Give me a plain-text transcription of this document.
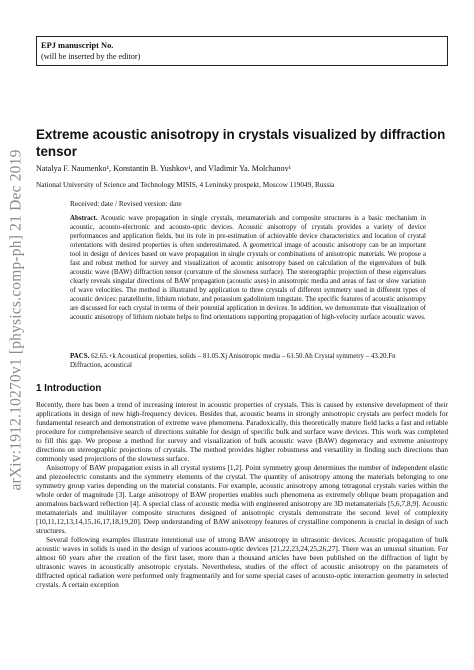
arXiv:1912.10270v1 [physics.comp-ph] 21 Dec 2019
EPJ manuscript No.
(will be inserted by the editor)
Extreme acoustic anisotropy in crystals visualized by diffraction tensor
Natalya F. Naumenko¹, Konstantin B. Yushkov¹, and Vladimir Ya. Molchanov¹
National University of Science and Technology MISIS, 4 Leninsky prospekt, Moscow 119049, Russia
Received: date / Revised version: date

Abstract. Acoustic wave propagation in single crystals, metamaterials and composite structures is a basic mechanism in acoustic, acousto-electronic and acousto-optic devices. Acoustic anisotropy of crystals provides a variety of device performances and application fields, but its role in pre-estimation of achievable device characteristics and location of crystal orientations with desired properties is often underestimated. A geometrical image of acoustic anisotropy can be an important tool in design of devices based on wave propagation in single crystals or combinations of anisotropic materials. We propose a fast and robust method for survey and visualization of acoustic anisotropy based on calculation of the eigenvalues of bulk acoustic wave (BAW) diffraction tensor (curvature of the slowness surface). The stereographic projection of these eigenvalues clearly reveals singular directions of BAW propagation (acoustic axes) in anisotropic media and areas of fast or slow variation of wave velocities. The method is illustrated by application to three crystals of different symmetry used in different types of acoustic devices: paratellurite, lithium niobate, and potassium gadolinium tungstate. The specific features of acoustic anisotropy are discussed for each crystal in terms of their potential application in devices. In addition, we demonstrate that visualization of acoustic anisotropy of lithium niobate helps to find orientations supporting propagation of high-velocity surface acoustic waves.

PACS. 62.65.+k Acoustical properties, solids – 81.05.Xj Anisotropic media – 61.50.Ah Crystal symmetry – 43.20.Fn Diffraction, acoustical

1 Introduction

Recently, there has been a trend of increasing interest in acoustic properties of crystals. This is caused by extensive development of their applications in design of new high-frequency devices. Besides that, acoustic beams in strongly anisotropic crystals are perfect models for fundamental research and demonstration of extreme wave phenomena. Paradoxically, this theoretically mature field lacks a fast and reliable procedure for comprehensive search of directions suitable for design of specific bulk and surface wave devices. This work was completed to fill this gap. We propose a method for survey and visualization of bulk acoustic wave (BAW) degeneracy and extreme anisotropy directions on stereographic projections of crystals. The method provides higher robustness and versatility in finding such directions than commonly used projections of the slowness surface.

Anisotropy of BAW propagation exists in all crystal systems [1,2]. Point symmetry group determines the number of independent elastic and piezoelectric constants and the symmetry elements of the crystal. The quantity of anisotropy among the materials belonging to one symmetry group varies depending on the material constants. For example, acoustic anisotropy among tetragonal crystals varies within the whole order of magnitude [3]. Large anisotropy of BAW properties enables such phenomena as extremely oblique beam propagation and anomalous backward reflection [4]. A special class of acoustic media with engineered anisotropy are 3D metamaterials [5,6,7,8,9]. Acoustic metamaterials and multilayer composite structures designed of anisotropic crystals demonstrate the second level of complexity [10,11,12,13,14,15,16,17,18,19,20]. Deep understanding of BAW anisotropy features of crystalline components is crucial in design of such structures.

Several following examples illustrate intentional use of strong BAW anisotropy in ultrasonic devices. Acoustic propagation of bulk acoustic waves in solids is used in the design of various acousto-optic devices [21,22,23,24,25,26,27]. There was an unusual situation. For almost 60 years after the creation of the first laser, more than a thousand articles have been published on the diffraction of light by ultrasonic waves in acoustically anisotropic crystals. Nevertheless, studies of the effect of acoustic anisotropy on the parameters of diffracted optical radiation were performed only fragmentarily and for some special cases of acousto-optic interaction geometry in selected crystals. A certain exception
